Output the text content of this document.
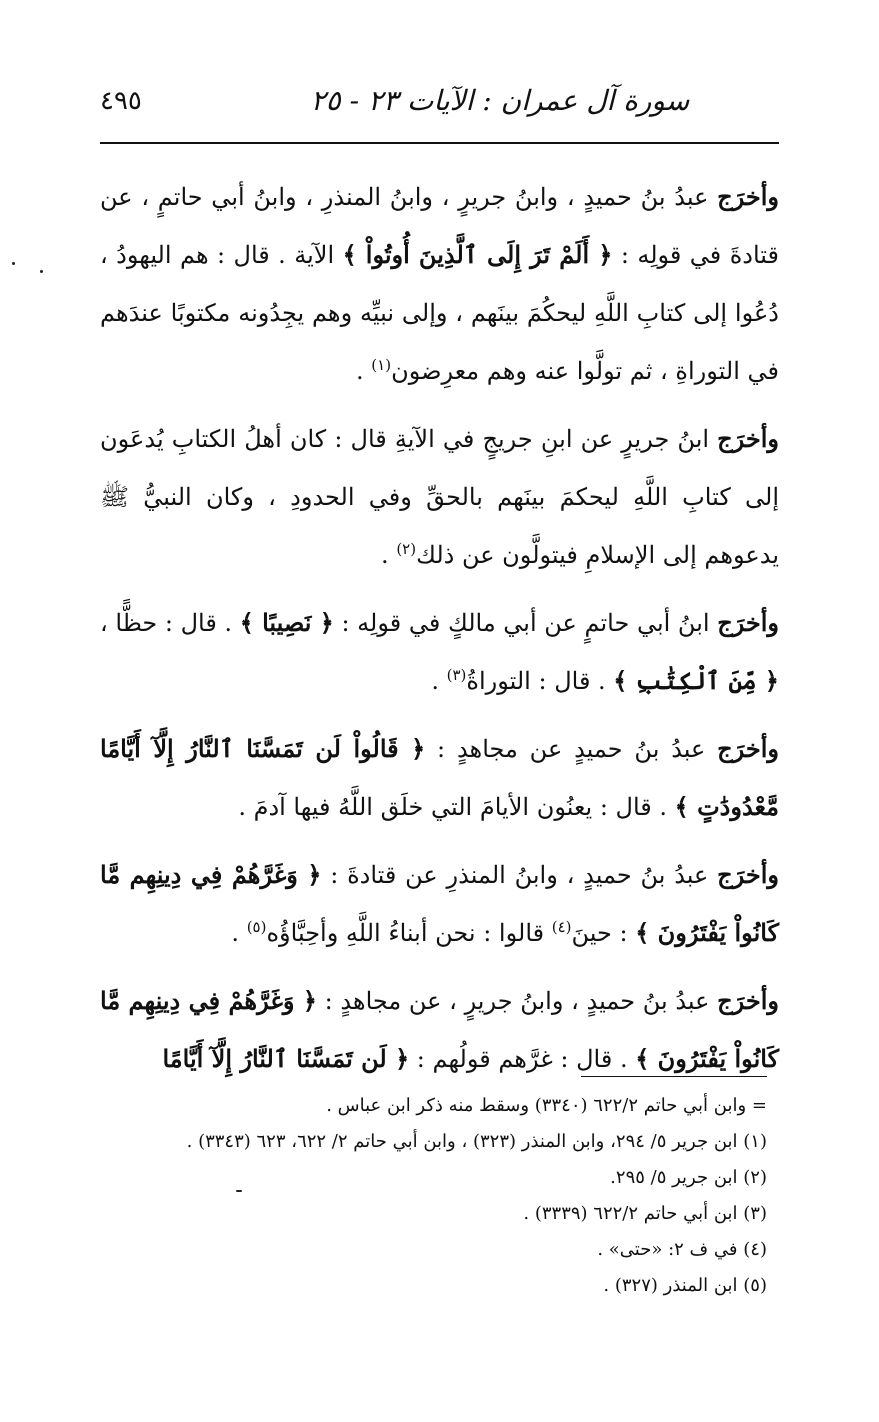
٤٩٥	سورة آل عمران : الآيات ٢٣ - ٢٥

وأخرَج عبدُ بنُ حميدٍ ، وابنُ جريرٍ ، وابنُ المنذرِ ، وابنُ أبي حاتمٍ ، عن قتادةَ في قولِه : ﴿ أَلَمْ تَرَ إِلَى ٱلَّذِينَ أُوتُواْ ﴾ الآية . قال : هم اليهودُ ، دُعُوا إلى كتابِ اللَّهِ ليحكُمَ بينَهم ، وإلى نبيِّه وهم يجِدُونه مكتوبًا عندَهم في التوراةِ ، ثم تولَّوا عنه وهم معرِضون$^{(١)}$ .

وأخرَج ابنُ جريرٍ عن ابنِ جريجٍ في الآيةِ قال : كان أهلُ الكتابِ يُدعَون إلى كتابِ اللَّهِ ليحكمَ بينَهم بالحقِّ وفي الحدودِ ، وكان النبيُّ ﷺ يدعوهم إلى الإسلامِ فيتولَّون عن ذلك$^{(٢)}$ .

وأخرَج ابنُ أبي حاتمٍ عن أبي مالكٍ في قولِه : ﴿ نَصِيبًا ﴾ . قال : حظًّا ، ﴿ مِّنَ ٱلْكِتَٰبِ ﴾ . قال : التوراةُ$^{(٣)}$ .

وأخرَج عبدُ بنُ حميدٍ عن مجاهدٍ : ﴿ قَالُواْ لَن تَمَسَّنَا ٱلنَّارُ إِلَّآ أَيَّامًا مَّعْدُودَٰتٍ ﴾ . قال : يعنُون الأيامَ التي خلَق اللَّهُ فيها آدمَ .

وأخرَج عبدُ بنُ حميدٍ ، وابنُ المنذرِ عن قتادةَ : ﴿ وَغَرَّهُمْ فِي دِينِهِم مَّا كَانُواْ يَفْتَرُونَ ﴾ : حينَ$^{(٤)}$ قالوا : نحن أبناءُ اللَّهِ وأحِبَّاؤُه$^{(٥)}$ .

وأخرَج عبدُ بنُ حميدٍ ، وابنُ جريرٍ ، عن مجاهدٍ : ﴿ وَغَرَّهُمْ فِي دِينِهِم مَّا كَانُواْ يَفْتَرُونَ ﴾ . قال : غرَّهم قولُهم : ﴿ لَن تَمَسَّنَا ٱلنَّارُ إِلَّآ أَيَّامًا

= وابن أبي حاتم ٦٢٢/٢ (٣٣٤٠) وسقط منه ذكر ابن عباس .
(١) ابن جرير ٥/ ٢٩٤، وابن المنذر (٣٢٣) ، وابن أبي حاتم ٢/ ٦٢٢، ٦٢٣ (٣٣٤٣) .
(٢) ابن جرير ٥/ ٢٩٥.
(٣) ابن أبي حاتم ٦٢٢/٢ (٣٣٣٩) .
(٤) في ف ٢: «حتى» .
(٥) ابن المنذر (٣٢٧) .
